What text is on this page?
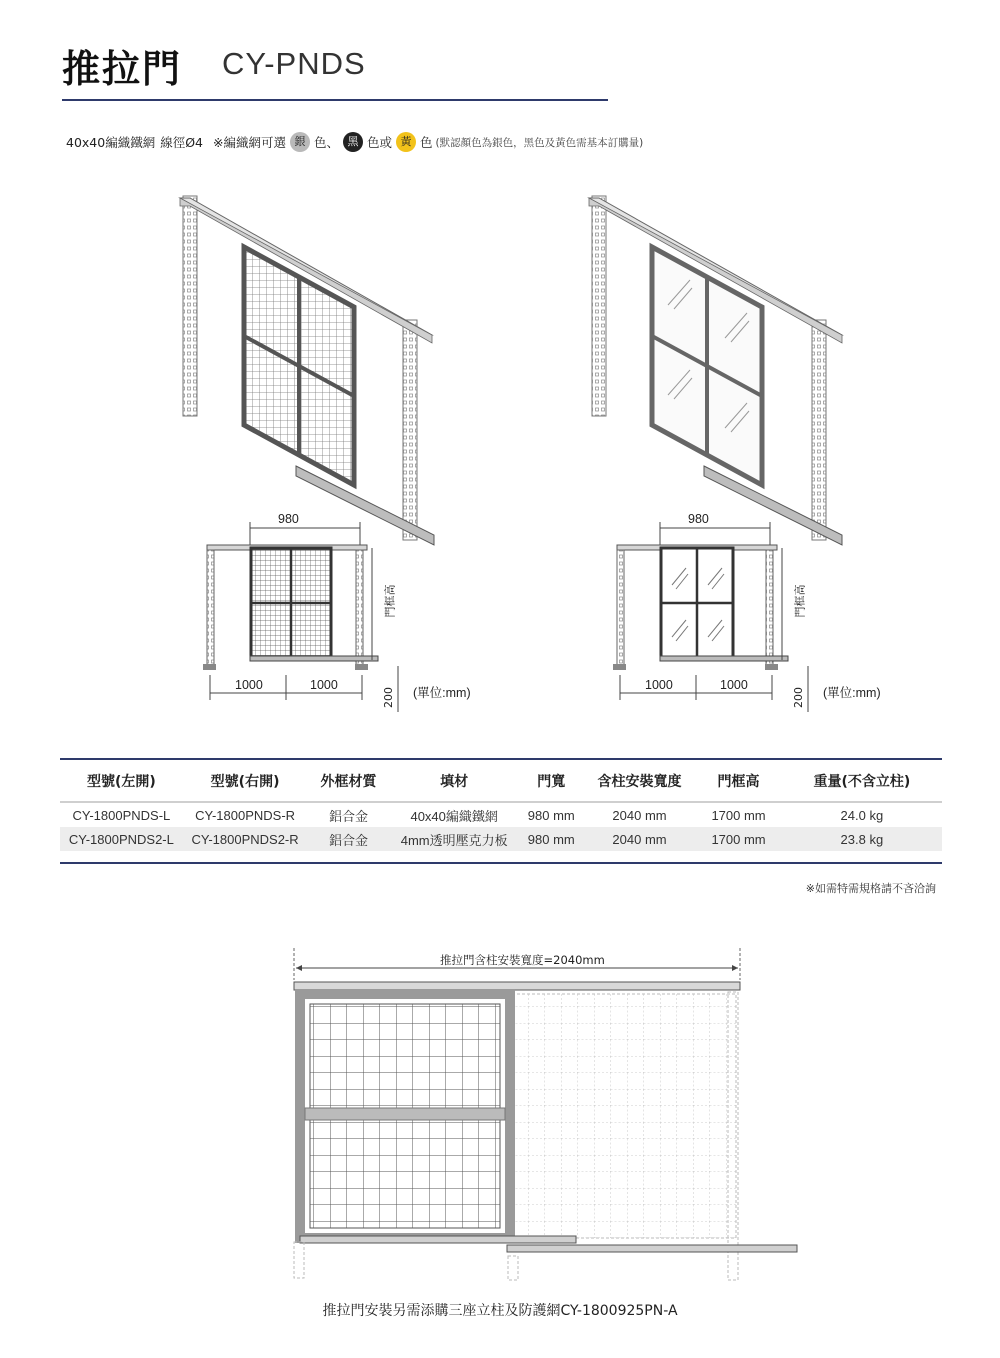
推拉門 CY-PNDS
40x40編織鐵網 線徑Ø4 ※編織網可選 銀 色、 黑 色或 黃 色 (默認顏色為銀色，黑色及黃色需基本訂購量)
980
1000	1000
門框高
200 (單位:mm)
980
1000	1000
門框高
200 (單位:mm)
型號(左開)	型號(右開)	外框材質	填材	門寬	含柱安裝寬度	門框高	重量(不含立柱)
CY-1800PNDS-L	CY-1800PNDS-R	鋁合金	40x40編織鐵網	980 mm	2040 mm	1700 mm	24.0 kg
CY-1800PNDS2-L	CY-1800PNDS2-R	鋁合金	4mm透明壓克力板	980 mm	2040 mm	1700 mm	23.8 kg
※如需特需規格請不吝洽詢
推拉門含柱安裝寬度=2040mm
推拉門安裝另需添購三座立柱及防護網CY-1800925PN-A
